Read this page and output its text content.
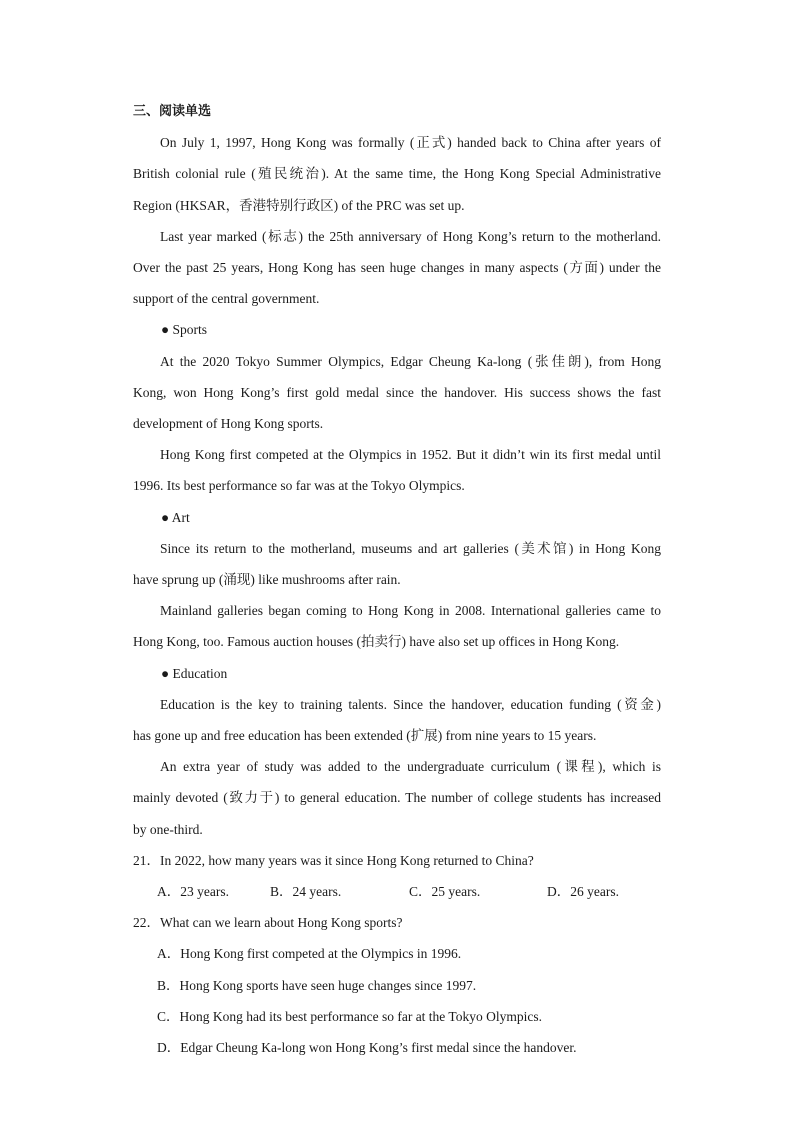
三、阅读单选
On July 1, 1997, Hong Kong was formally (正式) handed back to China after years of
British colonial rule (殖民统治). At the same time, the Hong Kong Special Administrative
Region (HKSAR，香港特别行政区) of the PRC was set up.
Last year marked (标志) the 25th anniversary of Hong Kong’s return to the motherland.
Over the past 25 years, Hong Kong has seen huge changes in many aspects (方面) under the
support of the central government.
● Sports
At the 2020 Tokyo Summer Olympics, Edgar Cheung Ka-long (张佳朗), from Hong
Kong, won Hong Kong’s first gold medal since the handover. His success shows the fast
development of Hong Kong sports.
Hong Kong first competed at the Olympics in 1952. But it didn’t win its first medal until
1996. Its best performance so far was at the Tokyo Olympics.
● Art
Since its return to the motherland, museums and art galleries (美术馆) in Hong Kong
have sprung up (涌现) like mushrooms after rain.
Mainland galleries began coming to Hong Kong in 2008. International galleries came to
Hong Kong, too. Famous auction houses (拍卖行) have also set up offices in Hong Kong.
● Education
Education is the key to training talents. Since the handover, education funding (资金)
has gone up and free education has been extended (扩展) from nine years to 15 years.
An extra year of study was added to the undergraduate curriculum (课程), which is
mainly devoted (致力于) to general education. The number of college students has increased
by one-third.
21．In 2022, how many years was it since Hong Kong returned to China?
A．23 years.	B．24 years.	C．25 years.	D．26 years.
22．What can we learn about Hong Kong sports?
A．Hong Kong first competed at the Olympics in 1996.
B．Hong Kong sports have seen huge changes since 1997.
C．Hong Kong had its best performance so far at the Tokyo Olympics.
D．Edgar Cheung Ka-long won Hong Kong’s first medal since the handover.
